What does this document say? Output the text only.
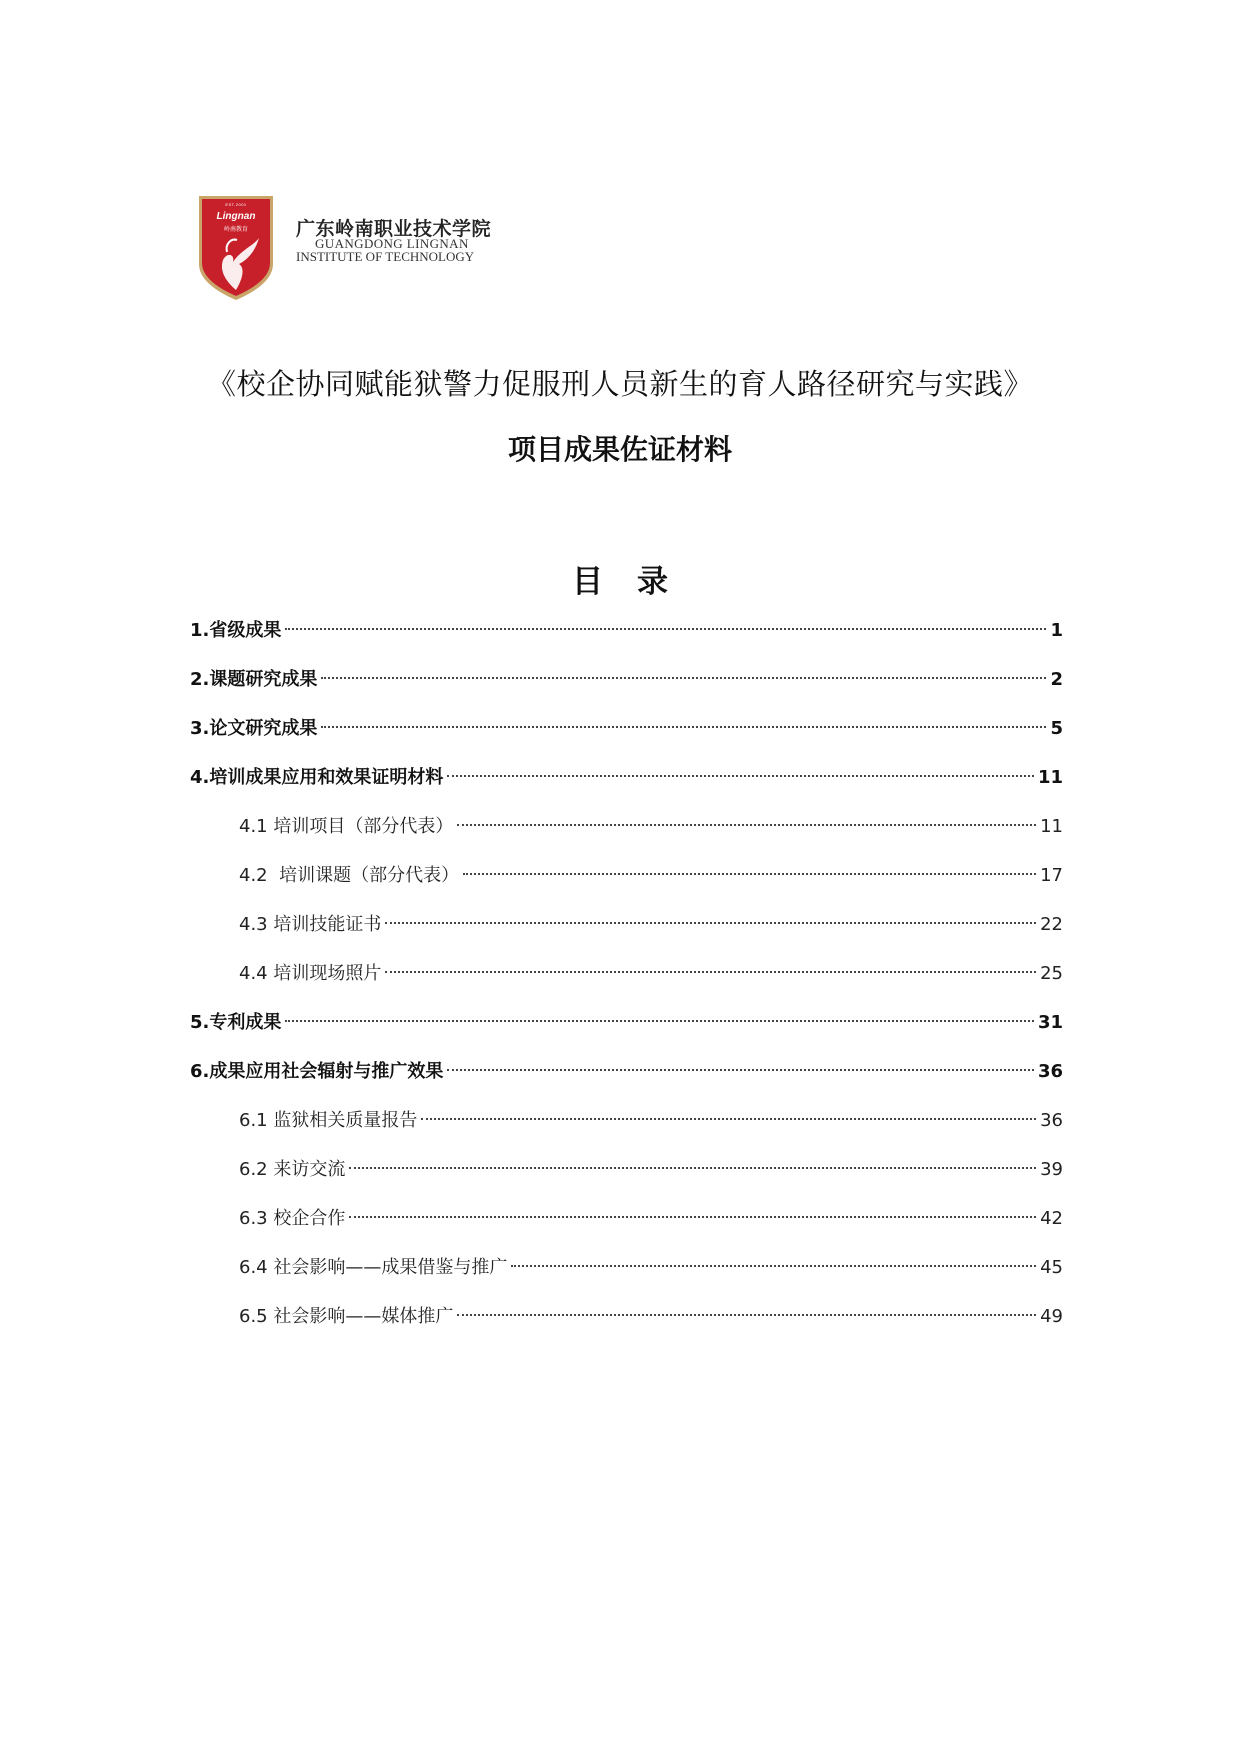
EST.2001
Lingnan
岭南教育	广东岭南职业技术学院
GUANGDONG LINGNAN
INSTITUTE OF TECHNOLOGY
《校企协同赋能狱警力促服刑人员新生的育人路径研究与实践》
项目成果佐证材料
目录
1.省级成果	1
2.课题研究成果	2
3.论文研究成果	5
4.培训成果应用和效果证明材料	11
4.1 培训项目（部分代表）	11
4.2  培训课题（部分代表）	17
4.3 培训技能证书	22
4.4 培训现场照片	25
5.专利成果	31
6.成果应用社会辐射与推广效果	36
6.1 监狱相关质量报告	36
6.2 来访交流	39
6.3 校企合作	42
6.4 社会影响——成果借鉴与推广	45
6.5 社会影响——媒体推广	49
